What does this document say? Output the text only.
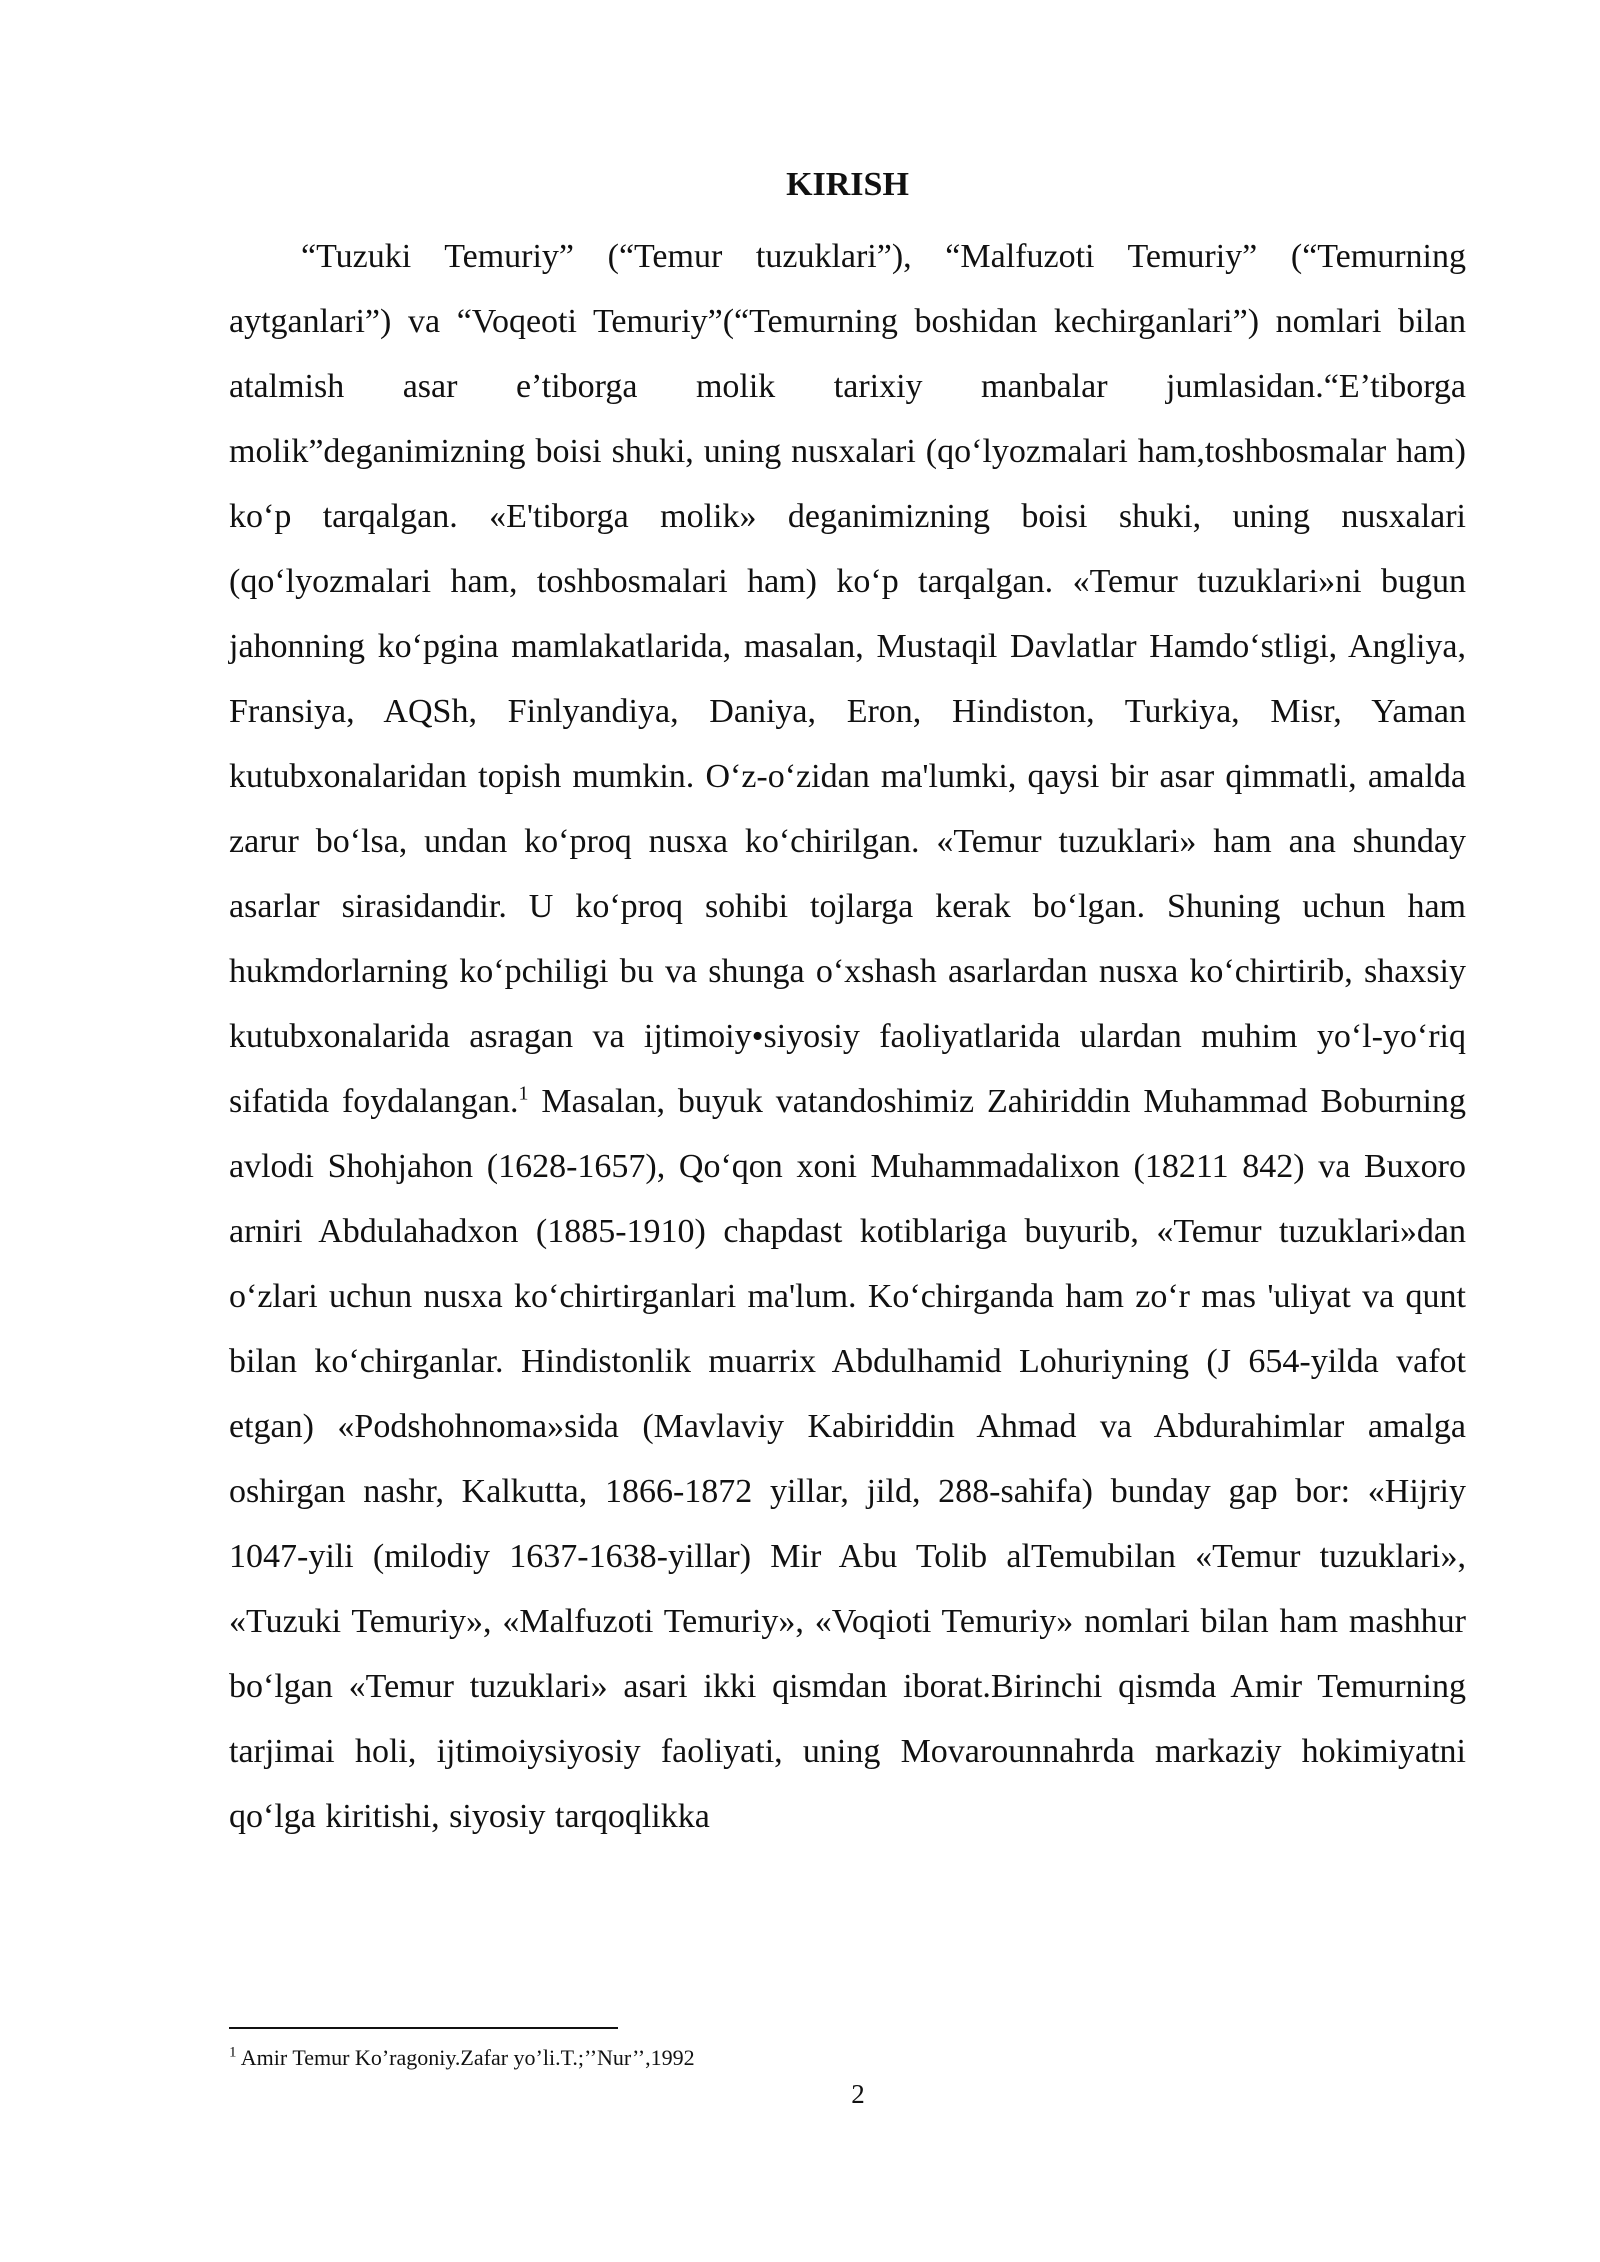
KIRISH

“Tuzuki Temuriy” (“Temur tuzuklari”), “Malfuzoti Temuriy” (“Temurning aytganlari”) va “Voqeoti Temuriy”(“Temurning boshidan kechirganlari”) nomlari bilan atalmish asar e’tiborga molik tarixiy manbalar jumlasidan.“E’tiborga molik”deganimizning boisi shuki, uning nusxalari (qo‘lyozmalari ham,toshbosmalar ham) ko‘p tarqalgan. «E'tiborga molik» deganimizning boisi shuki, uning nusxalari (qo‘lyozmalari ham, toshbosmalari ham) ko‘p tarqalgan. «Temur tuzuklari»ni bugun jahonning ko‘pgina mamlakatlarida, masalan, Mustaqil Davlatlar Hamdo‘stligi, Angliya, Fransiya, AQSh, Finlyandiya, Daniya, Eron, Hindiston, Turkiya, Misr, Yaman kutubxonalaridan topish mumkin. O‘z-o‘zidan ma'lumki, qaysi bir asar qimmatli, amalda zarur bo‘lsa, undan ko‘proq nusxa ko‘chirilgan. «Temur tuzuklari» ham ana shunday asarlar sirasidandir. U ko‘proq sohibi tojlarga kerak bo‘lgan. Shuning uchun ham hukmdorlarning ko‘pchiligi bu va shunga o‘xshash asarlardan nusxa ko‘chirtirib, shaxsiy kutubxonalarida asragan va ijtimoiy•siyosiy faoliyatlarida ulardan muhim yo‘l-yo‘riq sifatida foydalangan.$^1$ Masalan, buyuk vatandoshimiz Zahiriddin Muhammad Boburning avlodi Shohjahon (1628-1657), Qo‘qon xoni Muhammadalixon (18211 842) va Buxoro arniri Abdulahadxon (1885-1910) chapdast kotiblariga buyurib, «Temur tuzuklari»dan o‘zlari uchun nusxa ko‘chirtirganlari ma'lum. Ko‘chirganda ham zo‘r mas 'uliyat va qunt bilan ko‘chirganlar. Hindistonlik muarrix Abdulhamid Lohuriyning (J 654-yilda vafot etgan) «Podshohnoma»sida (Mavlaviy Kabiriddin Ahmad va Abdurahimlar amalga oshirgan nashr, Kalkutta, 1866-1872 yillar, jild, 288-sahifa) bunday gap bor: «Hijriy 1047-yili (milodiy 1637-1638-yillar) Mir Abu Tolib alTemubilan «Temur tuzuklari», «Tuzuki Temuriy», «Malfuzoti Temuriy», «Voqioti Temuriy» nomlari bilan ham mashhur bo‘lgan «Temur tuzuklari» asari ikki qismdan iborat.Birinchi qismda Amir Temurning tarjimai holi, ijtimoiysiyosiy faoliyati, uning Movarounnahrda markaziy hokimiyatni qo‘lga kiritishi, siyosiy tarqoqlikka

$^1$ Amir Temur Ko’ragoniy.Zafar yo’li.T.;’’Nur’’,1992

2
